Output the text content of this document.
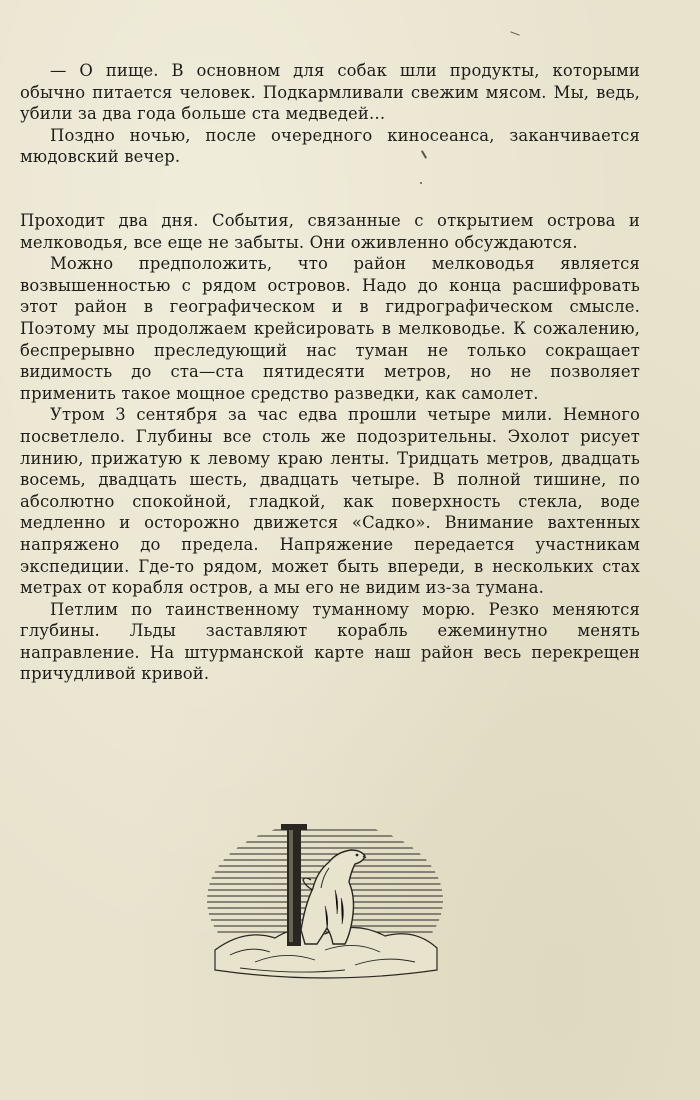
— О пище. В основном для собак шли продукты, которыми обычно питается человек. Подкармливали свежим мясом. Мы, ведь, убили за два года больше ста медведей…

Поздно ночью, после очередного киносеанса, заканчивается мюдовский вечер.

Проходит два дня. События, связанные с открытием острова и мелководья, все еще не забыты. Они оживленно обсуждаются.

Можно предположить, что район мелководья является возвышенностью с рядом островов. Надо до конца расшифровать этот район в географическом и в гидрографическом смысле. Поэтому мы продолжаем крейсировать в мелководье. К сожалению, беспрерывно преследующий нас туман не только сокращает видимость до ста—ста пятидесяти метров, но не позволяет применить такое мощное средство разведки, как самолет.

Утром 3 сентября за час едва прошли четыре мили. Немного посветлело. Глубины все столь же подозрительны. Эхолот рисует линию, прижатую к левому краю ленты. Тридцать метров, двадцать восемь, двадцать шесть, двадцать четыре. В полной тишине, по абсолютно спокойной, гладкой, как поверхность стекла, воде медленно и осторожно движется «Садко». Внимание вахтенных напряжено до предела. Напряжение передается участникам экспедиции. Где-то рядом, может быть впереди, в нескольких стах метрах от корабля остров, а мы его не видим из-за тумана.

Петлим по таинственному туманному морю. Резко меняются глубины. Льды заставляют корабль ежеминутно менять направление. На штурманской карте наш район весь перекрещен причудливой кривой.
